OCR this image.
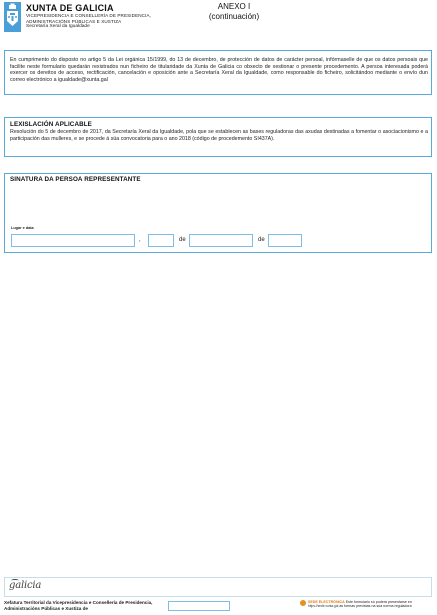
XUNTA DE GALICIA
VICEPRESIDENCIA E CONSELLERÍA DE PRESIDENCIA,
ADMINISTRACIÓNS PÚBLICAS E XUSTIZA
Secretaría Xeral da Igualdade
ANEXO I
(continuación)
En cumprimento do disposto no artigo 5 da Lei orgánica 15/1999, do 13 de decembro, de protección de datos de carácter persoal, infórmaselle de que os datos persoais que facilite neste formulario quedarán rexistrados nun ficheiro de titularidade da Xunta de Galicia co obxecto de xestionar o presente procedemento. A persoa interesada poderá exercer os dereitos de acceso, rectificación, cancelación e oposición ante a Secretaría Xeral da Igualdade, como responsable do ficheiro, solicitándoo mediante o envío dun correo electrónico a igualdade@xunta.gal
LEXISLACIÓN APLICABLE
Resolución do 5 de decembro de 2017, da Secretaría Xeral da Igualdade, pola que se establecen as bases reguladoras das axudas destinadas a fomentar o asociacionismo e a participación das mulleres, e se procede á súa convocatoria para o ano 2018 (código de procedemento SI437A).
SINATURA DA PERSOA REPRESENTANTE
Lugar e data
,	de	de
galicia
Xefatura Territorial da Vicepresidencia e Consellería de Presidencia, Administracións Públicas e Xustiza de
SEDE ELECTRÓNICA Este formulario só poderá presentarse en
https://sede.xunta.gal as formas previstas na súa norma reguladora
